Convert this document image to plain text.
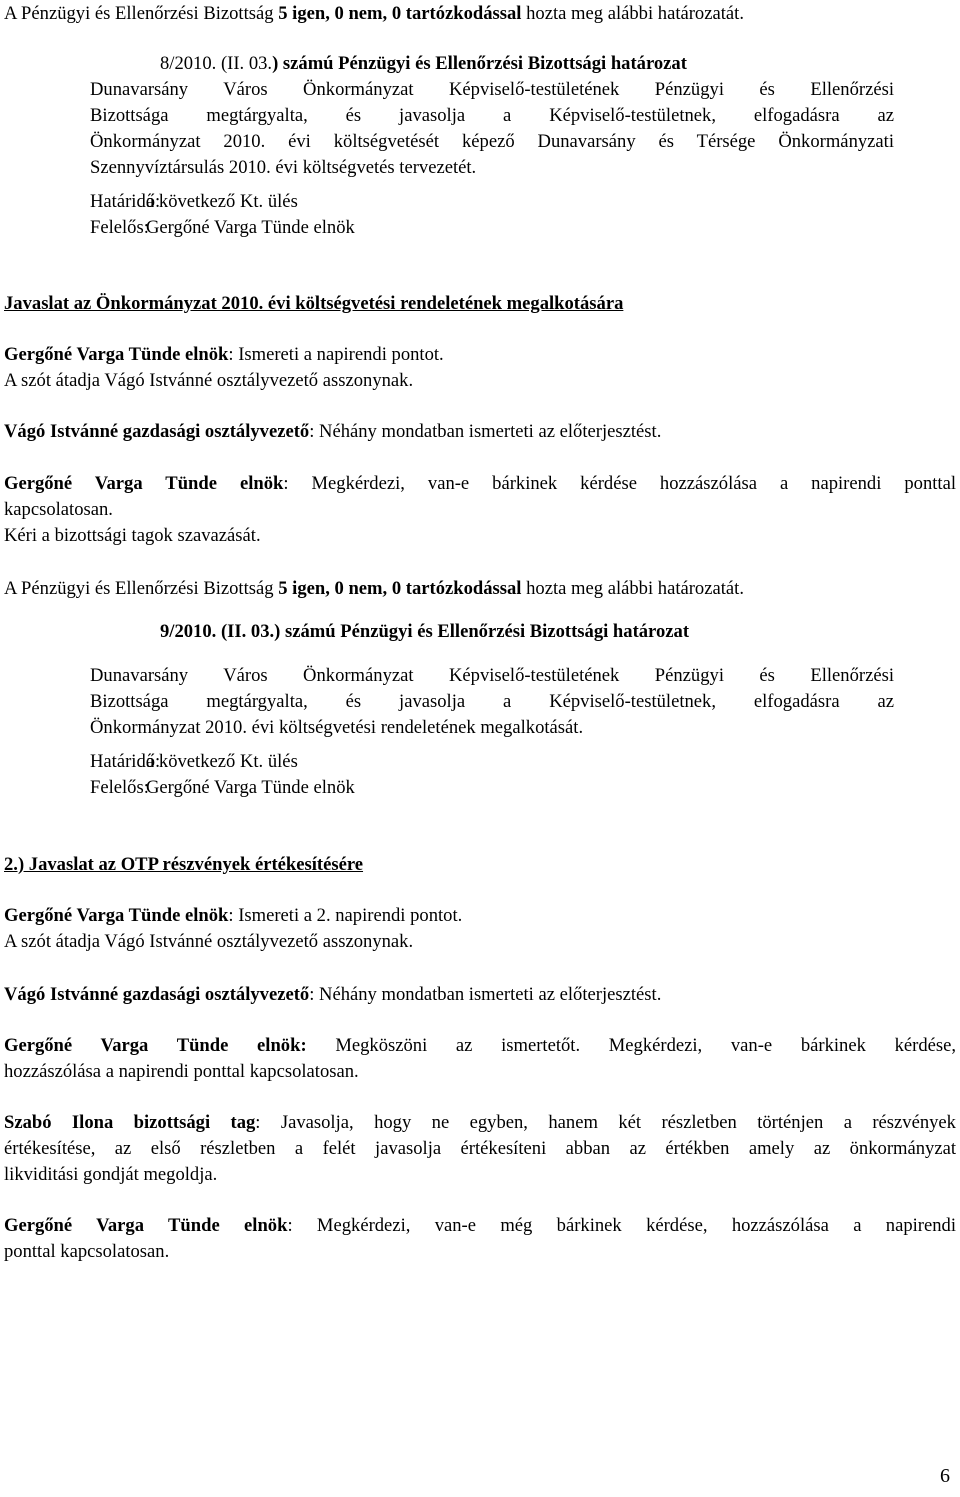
A Pénzügyi és Ellenőrzési Bizottság 5 igen, 0 nem, 0 tartózkodással hozta meg alábbi határozatát.
8/2010. (II. 03.) számú Pénzügyi és Ellenőrzési Bizottsági határozat
Dunavarsány Város Önkormányzat Képviselő-testületének Pénzügyi és Ellenőrzési
Bizottsága megtárgyalta, és javasolja a Képviselő-testületnek, elfogadásra az
Önkormányzat 2010. évi költségvetését képező Dunavarsány és Térsége Önkormányzati
Szennyvíztársulás 2010. évi költségvetés tervezetét.
Határidő:
a következő Kt. ülés
Felelős:
Gergőné Varga Tünde elnök
Javaslat az Önkormányzat 2010. évi költségvetési rendeletének megalkotására
Gergőné Varga Tünde elnök: Ismereti a napirendi pontot.
A szót átadja Vágó Istvánné osztályvezető asszonynak.
Vágó Istvánné gazdasági osztályvezető: Néhány mondatban ismerteti az előterjesztést.
Gergőné Varga Tünde elnök: Megkérdezi, van-e bárkinek kérdése hozzászólása a napirendi ponttal
kapcsolatosan.
Kéri a bizottsági tagok szavazását.
A Pénzügyi és Ellenőrzési Bizottság 5 igen, 0 nem, 0 tartózkodással hozta meg alábbi határozatát.
9/2010. (II. 03.) számú Pénzügyi és Ellenőrzési Bizottsági határozat
Dunavarsány Város Önkormányzat Képviselő-testületének Pénzügyi és Ellenőrzési
Bizottsága megtárgyalta, és javasolja a Képviselő-testületnek, elfogadásra az
Önkormányzat 2010. évi költségvetési rendeletének megalkotását.
Határidő:
a következő Kt. ülés
Felelős:
Gergőné Varga Tünde elnök
2.) Javaslat az OTP részvények értékesítésére
Gergőné Varga Tünde elnök: Ismereti a 2. napirendi pontot.
A szót átadja Vágó Istvánné osztályvezető asszonynak.
Vágó Istvánné gazdasági osztályvezető: Néhány mondatban ismerteti az előterjesztést.
Gergőné Varga Tünde elnök: Megköszöni az ismertetőt. Megkérdezi, van-e bárkinek kérdése,
hozzászólása a napirendi ponttal kapcsolatosan.
Szabó Ilona bizottsági tag: Javasolja, hogy ne egyben, hanem két részletben történjen a részvények
értékesítése, az első részletben a felét javasolja értékesíteni abban az értékben amely az önkormányzat
likviditási gondját megoldja.
Gergőné Varga Tünde elnök: Megkérdezi, van-e még bárkinek kérdése, hozzászólása a napirendi
ponttal kapcsolatosan.
6
